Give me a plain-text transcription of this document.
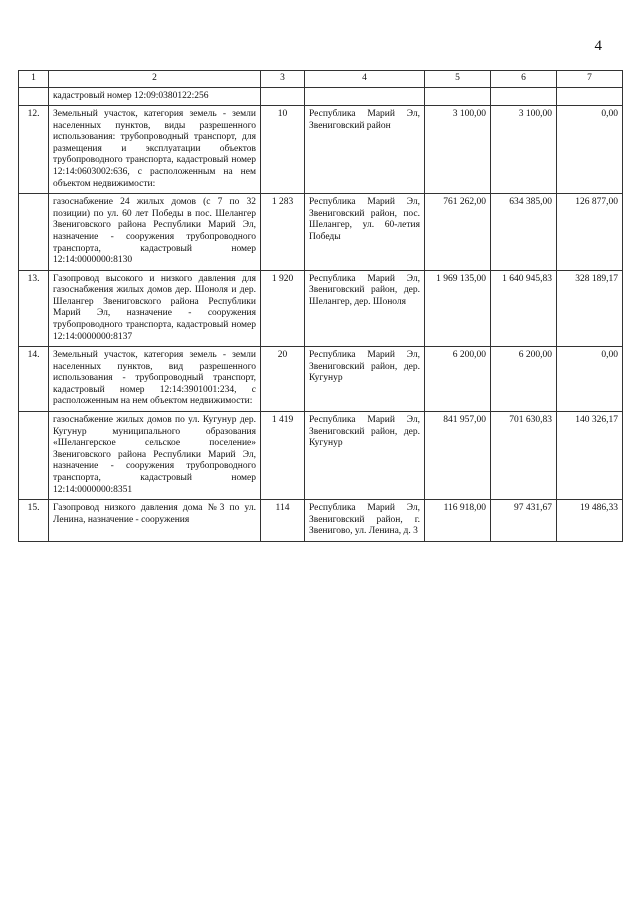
4
1	2	3	4	5	6	7
	кадастровый номер 12:09:0380122:256					
12.	Земельный участок, категория земель - земли населенных пунктов, виды разрешенного использования: трубопроводный транспорт, для размещения и эксплуатации объектов трубопроводного транспорта, кадастровый номер 12:14:0603002:636, с расположенным на нем объектом недвижимости:	10	Республика Марий Эл, Звениговский район	3 100,00	3 100,00	0,00
	газоснабжение 24 жилых домов (с 7 по 32 позиции) по ул. 60 лет Победы в пос. Шелангер Звениговского района Республики Марий Эл, назначение - сооружения трубопроводного транспорта, кадастровый номер 12:14:0000000:8130	1 283	Республика Марий Эл, Звениговский район, пос. Шелангер, ул. 60-летия Победы	761 262,00	634 385,00	126 877,00
13.	Газопровод высокого и низкого давления для газоснабжения жилых домов дер. Шоноля и дер. Шелангер Звениговского района Республики Марий Эл, назначение - сооружения трубопроводного транспорта, кадастровый номер 12:14:0000000:8137	1 920	Республика Марий Эл, Звениговский район, дер. Шелангер, дер. Шоноля	1 969 135,00	1 640 945,83	328 189,17
14.	Земельный участок, категория земель - земли населенных пунктов, вид разрешенного использования - трубопроводный транспорт, кадастровый номер 12:14:3901001:234, с расположенным на нем объектом недвижимости:	20	Республика Марий Эл, Звениговский район, дер. Кугунур	6 200,00	6 200,00	0,00
	газоснабжение жилых домов по ул. Кугунур дер. Кугунур муниципального образования «Шелангерское сельское поселение» Звениговского района Республики Марий Эл, назначение - сооружения трубопроводного транспорта, кадастровый номер 12:14:0000000:8351	1 419	Республика Марий Эл, Звениговский район, дер. Кугунур	841 957,00	701 630,83	140 326,17
15.	Газопровод низкого давления дома №3 по ул. Ленина, назначение - сооружения	114	Республика Марий Эл, Звениговский район, г. Звенигово, ул. Ленина, д. 3	116 918,00	97 431,67	19 486,33
